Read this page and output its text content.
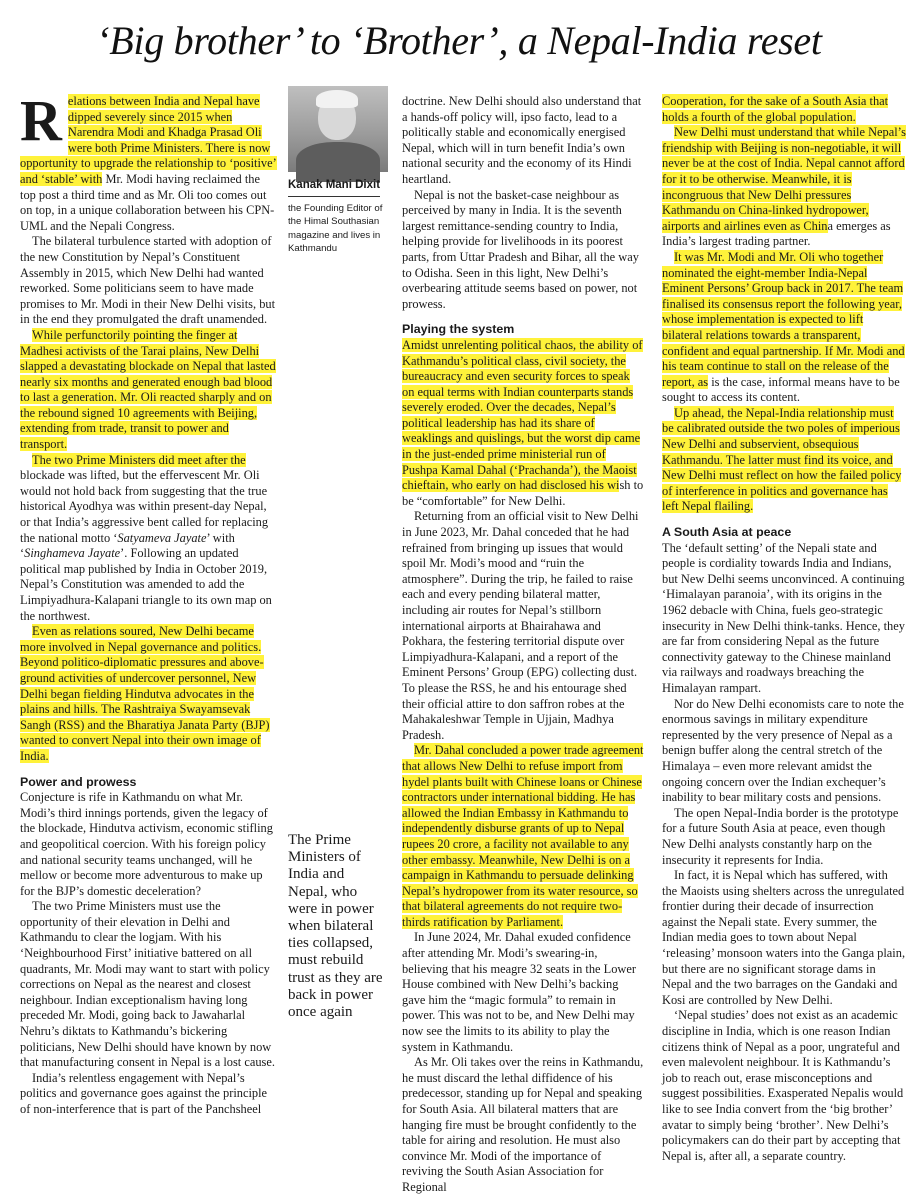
‘Big brother’ to ‘Brother’, a Nepal-India reset

Relations between India and Nepal have dipped severely since 2015 when Narendra Modi and Khadga Prasad Oli were both Prime Ministers. There is now opportunity to upgrade the relationship to ‘positive’ and ‘stable’ with Mr. Modi having reclaimed the top post a third time and as Mr. Oli too comes out on top, in a unique collaboration between his CPN-UML and the Nepali Congress.

The bilateral turbulence started with adoption of the new Constitution by Nepal’s Constituent Assembly in 2015, which New Delhi had wanted reworked. Some politicians seem to have made promises to Mr. Modi in their New Delhi visits, but in the end they promulgated the draft unamended.

While perfunctorily pointing the finger at Madhesi activists of the Tarai plains, New Delhi slapped a devastating blockade on Nepal that lasted nearly six months and generated enough bad blood to last a generation. Mr. Oli reacted sharply and on the rebound signed 10 agreements with Beijing, extending from trade, transit to power and transport.

The two Prime Ministers did meet after the blockade was lifted, but the effervescent Mr. Oli would not hold back from suggesting that the true historical Ayodhya was within present-day Nepal, or that India’s aggressive bent called for replacing the national motto ‘Satyameva Jayate’ with ‘Singhameva Jayate’. Following an updated political map published by India in October 2019, Nepal’s Constitution was amended to add the Limpiyadhura-Kalapani triangle to its own map on the northwest.

Even as relations soured, New Delhi became more involved in Nepal governance and politics. Beyond politico-diplomatic pressures and above-ground activities of undercover personnel, New Delhi began fielding Hindutva advocates in the plains and hills. The Rashtraiya Swayamsevak Sangh (RSS) and the Bharatiya Janata Party (BJP) wanted to convert Nepal into their own image of India.

Power and prowess

Conjecture is rife in Kathmandu on what Mr. Modi’s third innings portends, given the legacy of the blockade, Hindutva activism, economic stifling and geopolitical coercion. With his foreign policy and national security teams unchanged, will he mellow or become more adventurous to make up for the BJP’s domestic deceleration?

The two Prime Ministers must use the opportunity of their elevation in Delhi and Kathmandu to clear the logjam. With his ‘Neighbourhood First’ initiative battered on all quadrants, Mr. Modi may want to start with policy corrections on Nepal as the nearest and closest neighbour. Indian exceptionalism having long preceded Mr. Modi, going back to Jawaharlal Nehru’s diktats to Kathmandu’s bickering politicians, New Delhi should have known by now that manufacturing consent in Nepal is a lost cause.

India’s relentless engagement with Nepal’s politics and governance goes against the principle of non-interference that is part of the Panchsheel

Kanak Mani Dixit
the Founding Editor of the Himal Southasian magazine and lives in Kathmandu
The Prime Ministers of India and Nepal, who were in power when bilateral ties collapsed, must rebuild trust as they are back in power once again

doctrine. New Delhi should also understand that a hands-off policy will, ipso facto, lead to a politically stable and economically energised Nepal, which will in turn benefit India’s own national security and the economy of its Hindi heartland.

Nepal is not the basket-case neighbour as perceived by many in India. It is the seventh largest remittance-sending country to India, helping provide for livelihoods in its poorest parts, from Uttar Pradesh and Bihar, all the way to Odisha. Seen in this light, New Delhi’s overbearing attitude seems based on power, not prowess.

Playing the system

Amidst unrelenting political chaos, the ability of Kathmandu’s political class, civil society, the bureaucracy and even security forces to speak on equal terms with Indian counterparts stands severely eroded. Over the decades, Nepal’s political leadership has had its share of weaklings and quislings, but the worst dip came in the just-ended prime ministerial run of Pushpa Kamal Dahal (‘Prachanda’), the Maoist chieftain, who early on had disclosed his wish to be “comfortable” for New Delhi.

Returning from an official visit to New Delhi in June 2023, Mr. Dahal conceded that he had refrained from bringing up issues that would spoil Mr. Modi’s mood and “ruin the atmosphere”. During the trip, he failed to raise each and every pending bilateral matter, including air routes for Nepal’s stillborn international airports at Bhairahawa and Pokhara, the festering territorial dispute over Limpiyadhura-Kalapani, and a report of the Eminent Persons’ Group (EPG) collecting dust. To please the RSS, he and his entourage shed their official attire to don saffron robes at the Mahakaleshwar Temple in Ujjain, Madhya Pradesh.

Mr. Dahal concluded a power trade agreement that allows New Delhi to refuse import from hydel plants built with Chinese loans or Chinese contractors under international bidding. He has allowed the Indian Embassy in Kathmandu to independently disburse grants of up to Nepal rupees 20 crore, a facility not available to any other embassy. Meanwhile, New Delhi is on a campaign in Kathmandu to persuade delinking Nepal’s hydropower from its water resource, so that bilateral agreements do not require two-thirds ratification by Parliament.

In June 2024, Mr. Dahal exuded confidence after attending Mr. Modi’s swearing-in, believing that his meagre 32 seats in the Lower House combined with New Delhi’s backing gave him the “magic formula” to remain in power. This was not to be, and New Delhi may now see the limits to its ability to play the system in Kathmandu.

As Mr. Oli takes over the reins in Kathmandu, he must discard the lethal diffidence of his predecessor, standing up for Nepal and speaking for South Asia. All bilateral matters that are hanging fire must be brought confidently to the table for airing and resolution. He must also convince Mr. Modi of the importance of reviving the South Asian Association for Regional

Cooperation, for the sake of a South Asia that holds a fourth of the global population.

New Delhi must understand that while Nepal’s friendship with Beijing is non-negotiable, it will never be at the cost of India. Nepal cannot afford for it to be otherwise. Meanwhile, it is incongruous that New Delhi pressures Kathmandu on China-linked hydropower, airports and airlines even as China emerges as India’s largest trading partner.

It was Mr. Modi and Mr. Oli who together nominated the eight-member India-Nepal Eminent Persons’ Group back in 2017. The team finalised its consensus report the following year, whose implementation is expected to lift bilateral relations towards a transparent, confident and equal partnership. If Mr. Modi and his team continue to stall on the release of the report, as is the case, informal means have to be sought to access its content.

Up ahead, the Nepal-India relationship must be calibrated outside the two poles of imperious New Delhi and subservient, obsequious Kathmandu. The latter must find its voice, and New Delhi must reflect on how the failed policy of interference in politics and governance has left Nepal flailing.

A South Asia at peace

The ‘default setting’ of the Nepali state and people is cordiality towards India and Indians, but New Delhi seems unconvinced. A continuing ‘Himalayan paranoia’, with its origins in the 1962 debacle with China, fuels geo-strategic insecurity in New Delhi think-tanks. Hence, they are far from considering Nepal as the future connectivity gateway to the Chinese mainland via railways and roadways breaching the Himalayan rampart.

Nor do New Delhi economists care to note the enormous savings in military expenditure represented by the very presence of Nepal as a benign buffer along the central stretch of the Himalaya – even more relevant amidst the ongoing concern over the Indian exchequer’s inability to bear military costs and pensions.

The open Nepal-India border is the prototype for a future South Asia at peace, even though New Delhi analysts constantly harp on the insecurity it represents for India.

In fact, it is Nepal which has suffered, with the Maoists using shelters across the unregulated frontier during their decade of insurrection against the Nepali state. Every summer, the Indian media goes to town about Nepal ‘releasing’ monsoon waters into the Ganga plain, but there are no significant storage dams in Nepal and the two barrages on the Gandaki and Kosi are controlled by New Delhi.

‘Nepal studies’ does not exist as an academic discipline in India, which is one reason Indian citizens think of Nepal as a poor, ungrateful and even malevolent neighbour. It is Kathmandu’s job to reach out, erase misconceptions and suggest possibilities. Exasperated Nepalis would like to see India convert from the ‘big brother’ avatar to simply being ‘brother’. New Delhi’s policymakers can do their part by accepting that Nepal is, after all, a separate country.
